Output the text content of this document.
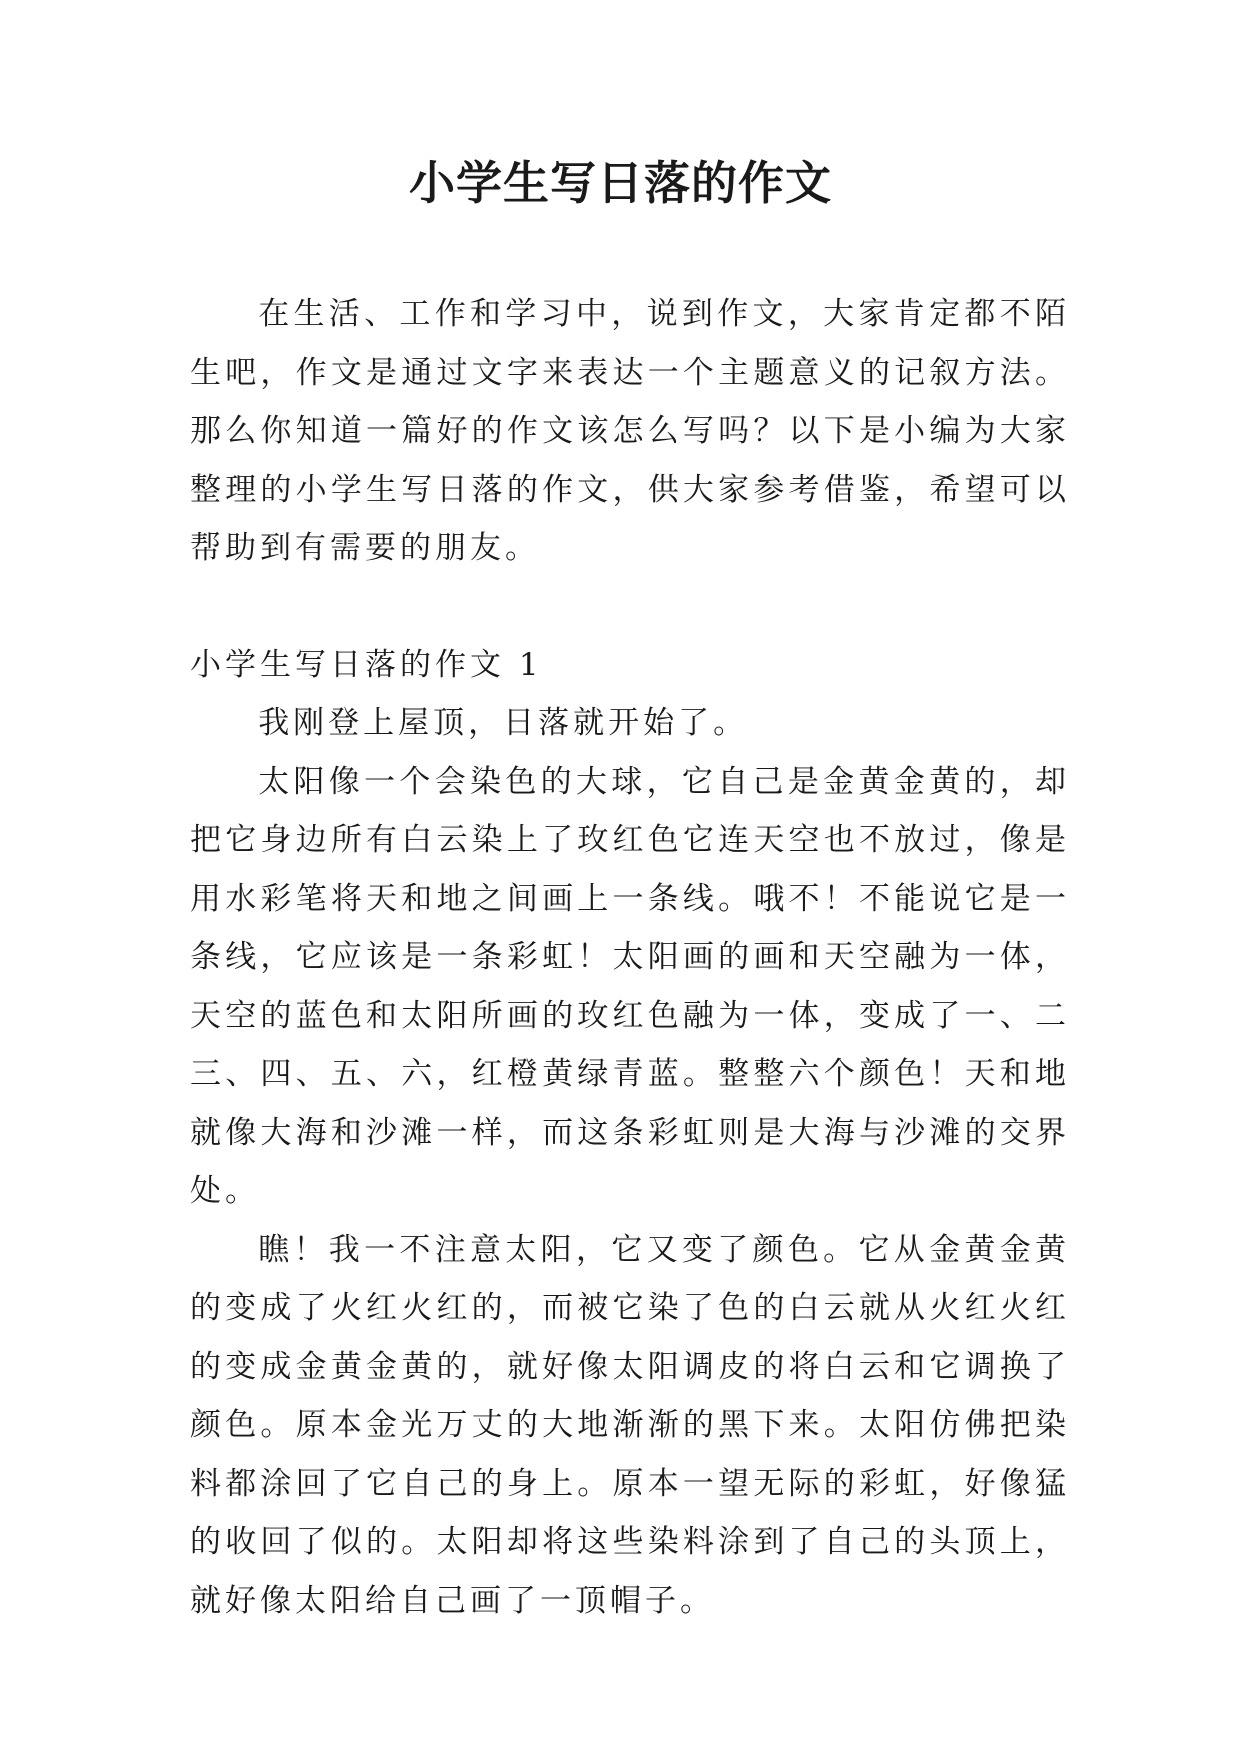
小学生写日落的作文

在生活、工作和学习中，说到作文，大家肯定都不陌生吧，作文是通过文字来表达一个主题意义的记叙方法。那么你知道一篇好的作文该怎么写吗？以下是小编为大家整理的小学生写日落的作文，供大家参考借鉴，希望可以帮助到有需要的朋友。

小学生写日落的作文 1

我刚登上屋顶，日落就开始了。

太阳像一个会染色的大球，它自己是金黄金黄的，却把它身边所有白云染上了玫红色它连天空也不放过，像是用水彩笔将天和地之间画上一条线。哦不！不能说它是一条线，它应该是一条彩虹！太阳画的画和天空融为一体，天空的蓝色和太阳所画的玫红色融为一体，变成了一、二三、四、五、六，红橙黄绿青蓝。整整六个颜色！天和地就像大海和沙滩一样，而这条彩虹则是大海与沙滩的交界处。

瞧！我一不注意太阳，它又变了颜色。它从金黄金黄的变成了火红火红的，而被它染了色的白云就从火红火红的变成金黄金黄的，就好像太阳调皮的将白云和它调换了颜色。原本金光万丈的大地渐渐的黑下来。太阳仿佛把染料都涂回了它自己的身上。原本一望无际的彩虹，好像猛的收回了似的。太阳却将这些染料涂到了自己的头顶上，就好像太阳给自己画了一顶帽子。
